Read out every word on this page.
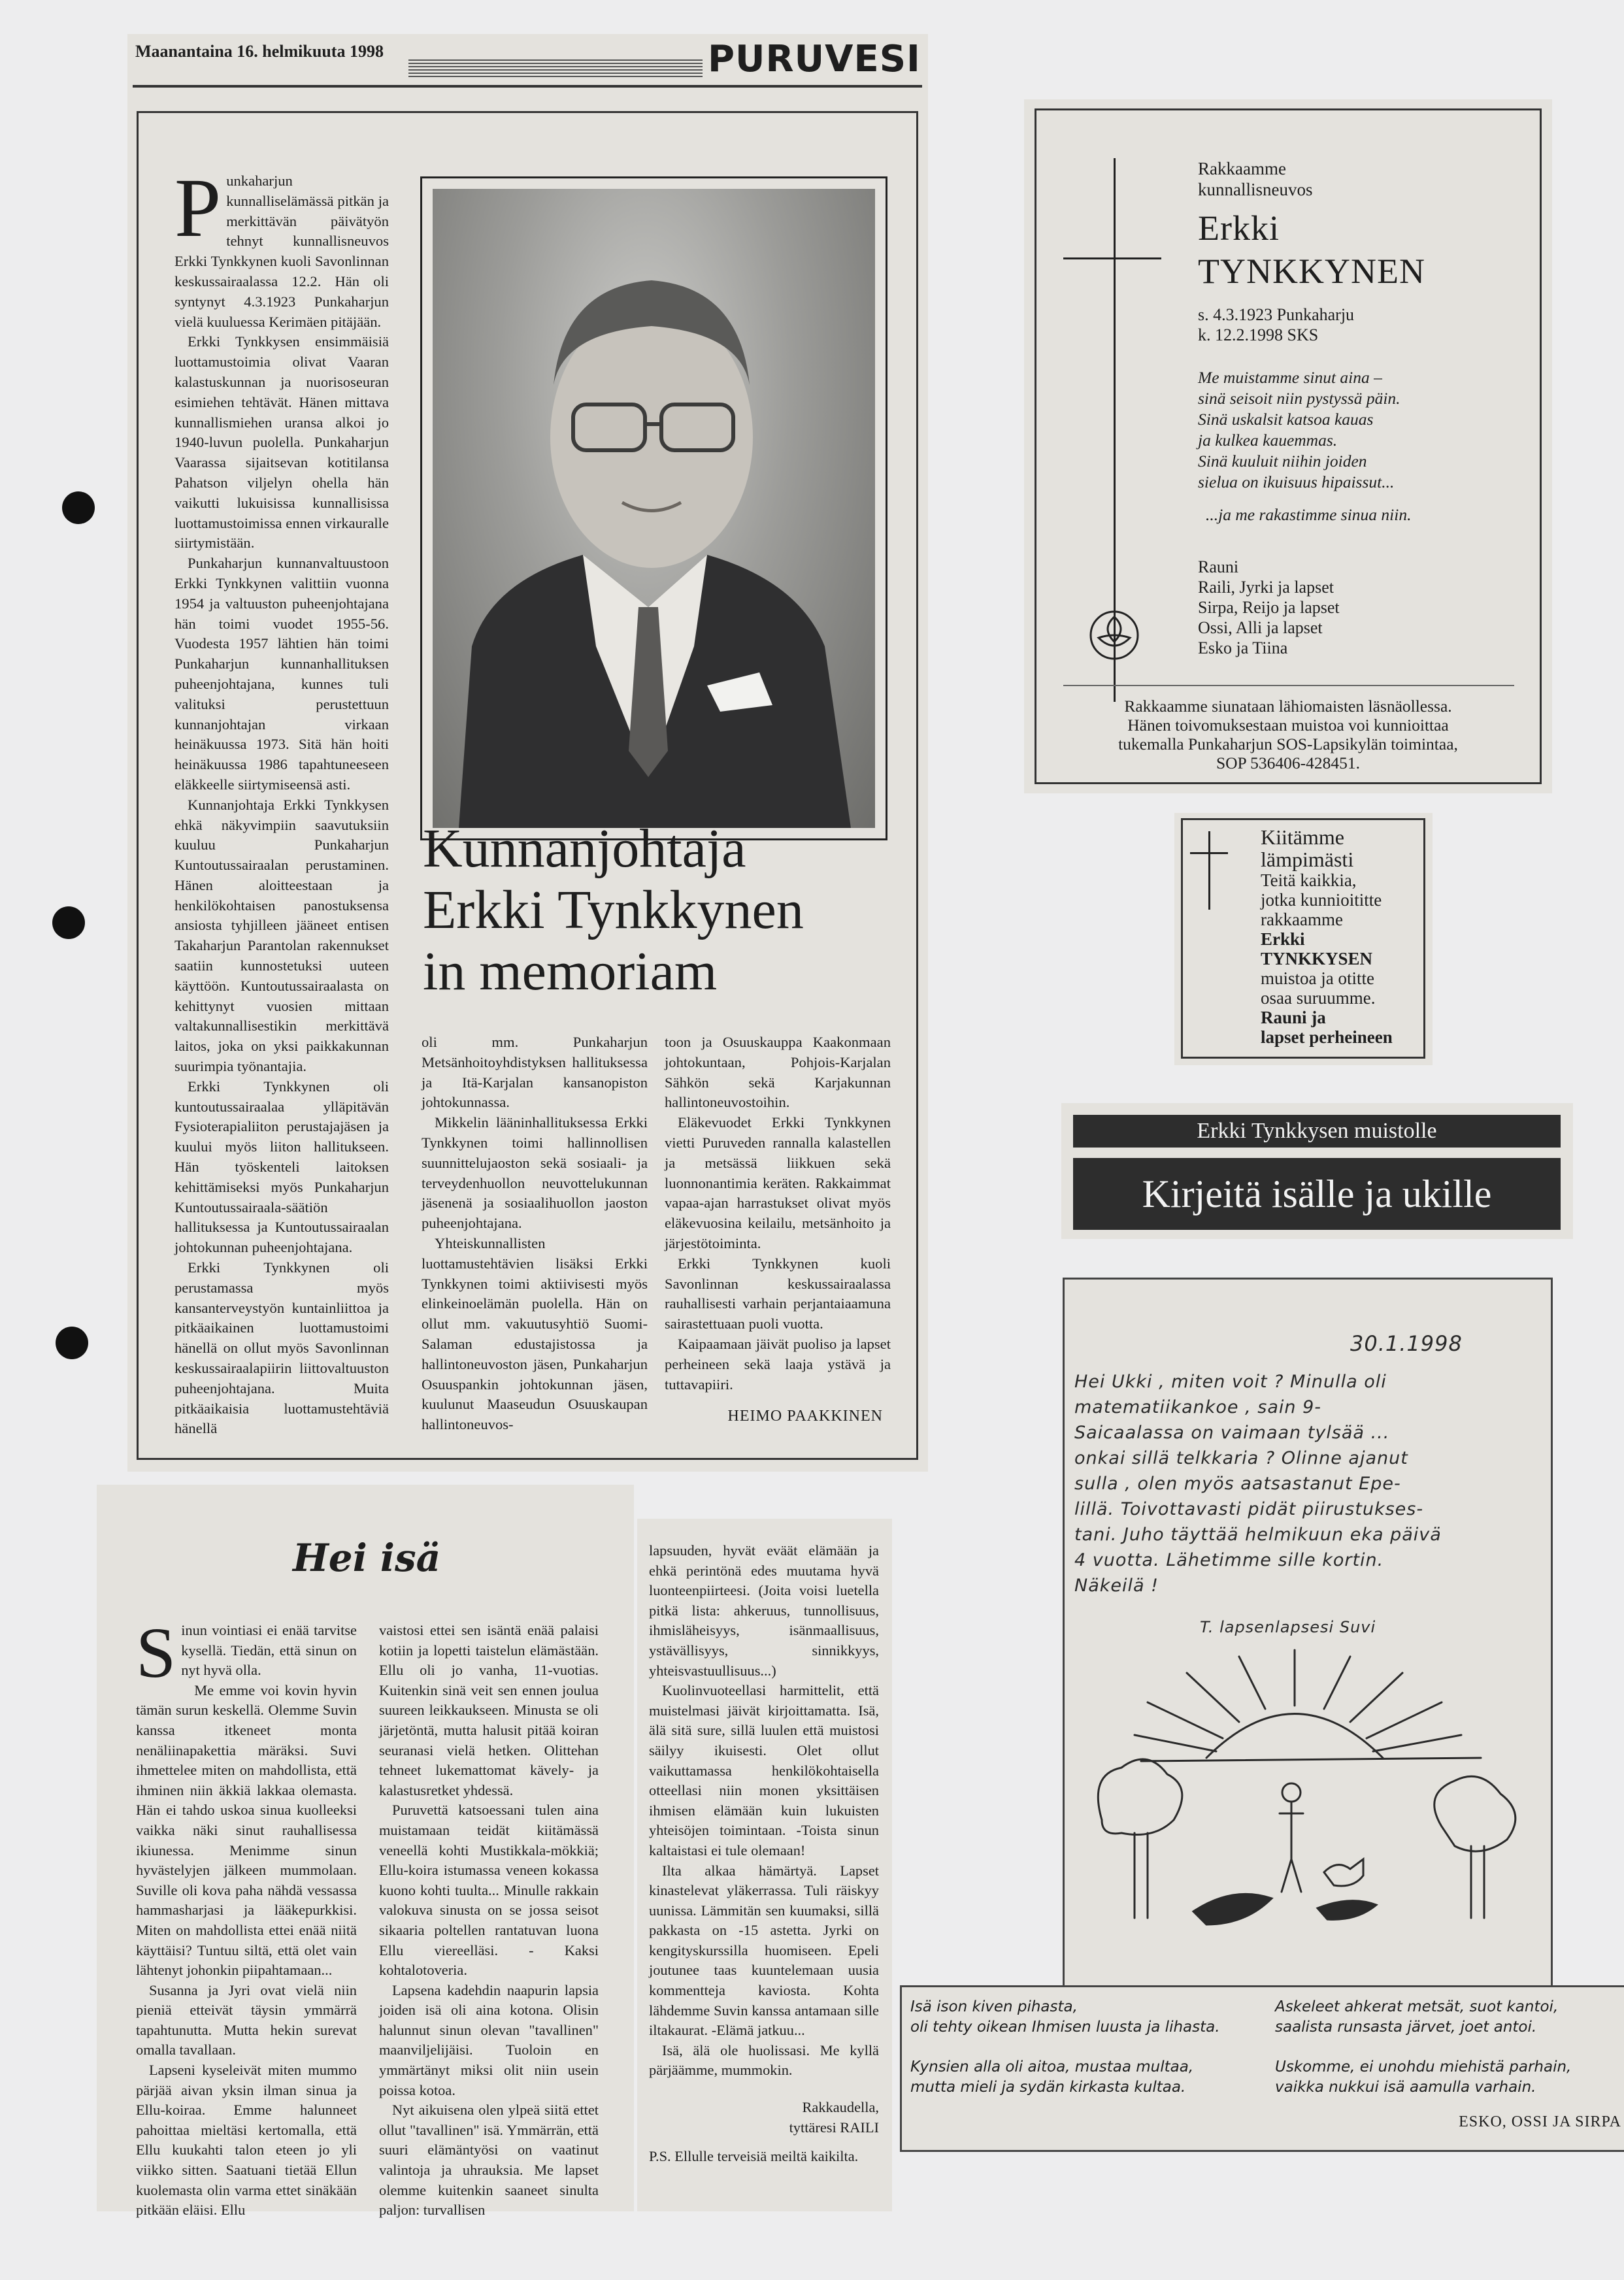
Maanantaina 16. helmikuuta 1998	PURUVESI
P unkaharjun kunnalliselämässä pitkän ja merkittävän päivätyön tehnyt kunnallisneuvos Erkki Tynkkynen kuoli Savonlinnan keskussairaalassa 12.2. Hän oli syntynyt 4.3.1923 Punkaharjun vielä kuuluessa Kerimäen pitäjään.

Erkki Tynkkysen ensimmäisiä luottamustoimia olivat Vaaran kalastuskunnan ja nuorisoseuran esimiehen tehtävät. Hänen mittava kunnallismiehen uransa alkoi jo 1940-luvun puolella. Punkaharjun Vaarassa sijaitsevan kotitilansa Pahatson viljelyn ohella hän vaikutti lukuisissa kunnallisissa luottamustoimissa ennen virkauralle siirtymistään.

Punkaharjun kunnanvaltuustoon Erkki Tynkkynen valittiin vuonna 1954 ja valtuuston puheenjohtajana hän toimi vuodet 1955-56. Vuodesta 1957 lähtien hän toimi Punkaharjun kunnanhallituksen puheenjohtajana, kunnes tuli valituksi perustettuun kunnanjohtajan virkaan heinäkuussa 1973. Sitä hän hoiti heinäkuussa 1986 tapahtuneeseen eläkkeelle siirtymiseensä asti.

Kunnanjohtaja Erkki Tynkkysen ehkä näkyvimpiin saavutuksiin kuuluu Punkaharjun Kuntoutussairaalan perustaminen. Hänen aloitteestaan ja henkilökohtaisen panostuksensa ansiosta tyhjilleen jääneet entisen Takaharjun Parantolan rakennukset saatiin kunnostetuksi uuteen käyttöön. Kuntoutussairaalasta on kehittynyt vuosien mittaan valtakunnallisestikin merkittävä laitos, joka on yksi paikkakunnan suurimpia työnantajia.

Erkki Tynkkynen oli kuntoutussairaalaa ylläpitävän Fysioterapialiiton perustajajäsen ja kuului myös liiton hallitukseen. Hän työskenteli laitoksen kehittämiseksi myös Punkaharjun Kuntoutussairaala-säätiön hallituksessa ja Kuntoutussairaalan johtokunnan puheenjohtajana.

Erkki Tynkkynen oli perustamassa myös kansanterveystyön kuntainliittoa ja pitkäaikainen luottamustoimi hänellä on ollut myös Savonlinnan keskussairaalapiirin liittovaltuuston puheenjohtajana. Muita pitkäaikaisia luottamustehtäviä hänellä

Kunnanjohtaja
Erkki Tynkkynen
in memoriam

oli mm. Punkaharjun Metsänhoitoyhdistyksen hallituksessa ja Itä-Karjalan kansanopiston johtokunnassa.

Mikkelin lääninhallituksessa Erkki Tynkkynen toimi hallinnollisen suunnittelujaoston sekä sosiaali- ja terveydenhuollon neuvottelukunnan jäsenenä ja sosiaalihuollon jaoston puheenjohtajana.

Yhteiskunnallisten luottamustehtävien lisäksi Erkki Tynkkynen toimi aktiivisesti myös elinkeinoelämän puolella. Hän on ollut mm. vakuutusyhtiö Suomi-Salaman edustajistossa ja hallintoneuvoston jäsen, Punkaharjun Osuuspankin johtokunnan jäsen, kuulunut Maaseudun Osuuskaupan hallintoneuvos-

toon ja Osuuskauppa Kaakonmaan johtokuntaan, Pohjois-Karjalan Sähkön sekä Karjakunnan hallintoneuvostoihin.

Eläkevuodet Erkki Tynkkynen vietti Puruveden rannalla kalastellen ja metsässä liikkuen sekä luonnonantimia keräten. Rakkaimmat vapaa-ajan harrastukset olivat myös eläkevuosina keilailu, metsänhoito ja järjestötoiminta.

Erkki Tynkkynen kuoli Savonlinnan keskussairaalassa rauhallisesti varhain perjantaiaamuna sairastettuaan puoli vuotta.

Kaipaamaan jäivät puoliso ja lapset perheineen sekä laaja ystävä ja tuttavapiiri.

HEIMO PAAKKINEN
Rakkaamme
kunnallisneuvos
Erkki
TYNKKYNEN
s. 4.3.1923 Punkaharju
k. 12.2.1998 SKS
Me muistamme sinut aina –
sinä seisoit niin pystyssä päin.
Sinä uskalsit katsoa kauas
ja kulkea kauemmas.
Sinä kuuluit niihin joiden
sielua on ikuisuus hipaissut...
...ja me rakastimme sinua niin.
Rauni
Raili, Jyrki ja lapset
Sirpa, Reijo ja lapset
Ossi, Alli ja lapset
Esko ja Tiina
Rakkaamme siunataan lähiomaisten läsnäollessa.
Hänen toivomuksestaan muistoa voi kunnioittaa
tukemalla Punkaharjun SOS-Lapsikylän toimintaa,
SOP 536406-428451.
Kiitämme
lämpimästi
Teitä kaikkia,
jotka kunnioititte
rakkaamme
Erkki
TYNKKYSEN
muistoa ja otitte
osaa suruumme.
Rauni ja
lapset perheineen
Erkki Tynkkysen muistolle
Kirjeitä isälle ja ukille
30.1.1998
Hei Ukki , miten voit ? Minulla oli
matematiikankoe , sain 9-
Saicaalassa on vaimaan tylsää ...
onkai sillä telkkaria ? Olinne ajanut
sulla , olen myös aatsastanut Epe-
lillä. Toivottavasti pidät piirustukses-
tani. Juho täyttää helmikuun eka päivä
4 vuotta. Lähetimme sille kortin.
Näkeilä !
T. lapsenlapsesi Suvi

Isä ison kiven pihasta,
oli tehty oikean Ihmisen luusta ja lihasta.

Kynsien alla oli aitoa, mustaa multaa,
mutta mieli ja sydän kirkasta kultaa.

Askeleet ahkerat metsät, suot kantoi,
saalista runsasta järvet, joet antoi.

Uskomme, ei unohdu miehistä parhain,
vaikka nukkui isä aamulla varhain.

ESKO, OSSI JA SIRPA
Hei isä
S inun vointiasi ei enää tarvitse kysellä. Tiedän, että sinun on nyt hyvä olla.

Me emme voi kovin hyvin tämän surun keskellä. Olemme Suvin kanssa itkeneet monta nenäliinapakettia märäksi. Suvi ihmettelee miten on mahdollista, että ihminen niin äkkiä lakkaa olemasta. Hän ei tahdo uskoa sinua kuolleeksi vaikka näki sinut rauhallisessa ikiunessa. Menimme sinun hyvästelyjen jälkeen mummolaan. Suville oli kova paha nähdä vessassa hammasharjasi ja lääkepurkkisi. Miten on mahdollista ettei enää niitä käyttäisi? Tuntuu siltä, että olet vain lähtenyt johonkin piipahtamaan...

Susanna ja Jyri ovat vielä niin pieniä etteivät täysin ymmärrä tapahtunutta. Mutta hekin surevat omalla tavallaan.

Lapseni kyseleivät miten mummo pärjää aivan yksin ilman sinua ja Ellu-koiraa. Emme halunneet pahoittaa mieltäsi kertomalla, että Ellu kuukahti talon eteen jo yli viikko sitten. Saatuani tietää Ellun kuolemasta olin varma ettet sinäkään pitkään eläisi. Ellu

vaistosi ettei sen isäntä enää palaisi kotiin ja lopetti taistelun elämästään. Ellu oli jo vanha, 11-vuotias. Kuitenkin sinä veit sen ennen joulua suureen leikkaukseen. Minusta se oli järjetöntä, mutta halusit pitää koiran seuranasi vielä hetken. Olittehan tehneet lukemattomat kävely- ja kalastusretket yhdessä.

Puruvettä katsoessani tulen aina muistamaan teidät kiitämässä veneellä kohti Mustikkala-mökkiä; Ellu-koira istumassa veneen kokassa kuono kohti tuulta... Minulle rakkain valokuva sinusta on se jossa seisot sikaaria poltellen rantatuvan luona Ellu viereelläsi. - Kaksi kohtalotoveria.

Lapsena kadehdin naapurin lapsia joiden isä oli aina kotona. Olisin halunnut sinun olevan "tavallinen" maanviljelijäisi. Tuoloin en ymmärtänyt miksi olit niin usein poissa kotoa.

Nyt aikuisena olen ylpeä siitä ettet ollut "tavallinen" isä. Ymmärrän, että suuri elämäntyösi on vaatinut valintoja ja uhrauksia. Me lapset olemme kuitenkin saaneet sinulta paljon: turvallisen

lapsuuden, hyvät eväät elämään ja ehkä perintönä edes muutama hyvä luonteenpiirteesi. (Joita voisi luetella pitkä lista: ahkeruus, tunnollisuus, ihmisläheisyys, isänmaallisuus, ystävällisyys, sinnikkyys, yhteisvastuullisuus...)

Kuolinvuoteellasi harmittelit, että muistelmasi jäivät kirjoittamatta. Isä, älä sitä sure, sillä luulen että muistosi säilyy ikuisesti. Olet ollut vaikuttamassa henkilökohtaisella otteellasi niin monen yksittäisen ihmisen elämään kuin lukuisten yhteisöjen toimintaan. -Toista sinun kaltaistasi ei tule olemaan!

Ilta alkaa hämärtyä. Lapset kinastelevat yläkerrassa. Tuli räiskyy uunissa. Lämmitän sen kuumaksi, sillä pakkasta on -15 astetta. Jyrki on kengityskurssilla huomiseen. Epeli joutunee taas kuuntelemaan uusia kommentteja kaviosta. Kohta lähdemme Suvin kanssa antamaan sille iltakaurat. -Elämä jatkuu...

Isä, älä ole huolissasi. Me kyllä pärjäämme, mummokin.

Rakkaudella,
tyttäresi RAILI

P.S. Ellulle terveisiä meiltä kaikilta.
